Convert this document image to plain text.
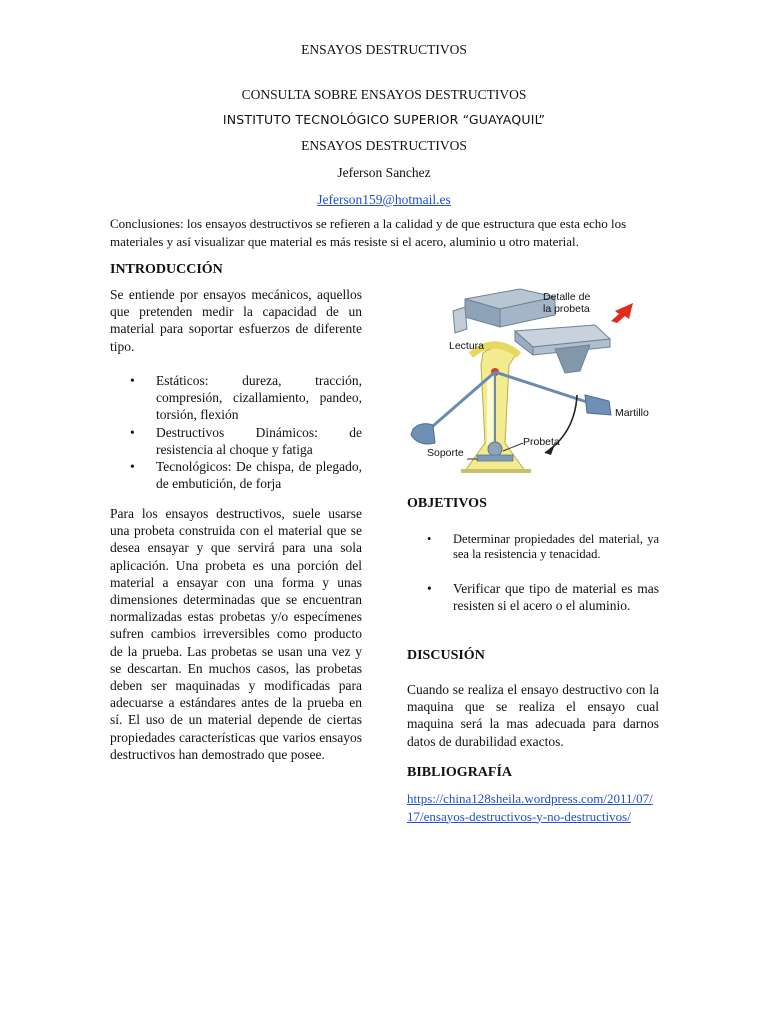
ENSAYOS DESTRUCTIVOS
CONSULTA SOBRE ENSAYOS DESTRUCTIVOS
INSTITUTO TECNOLÓGICO SUPERIOR “GUAYAQUIL”
ENSAYOS DESTRUCTIVOS
Jeferson Sanchez
Jeferson159@hotmail.es
Conclusiones: los ensayos destructivos se refieren a la calidad y de que estructura que esta echo los materiales y así visualizar que material es más resiste si el acero, aluminio u otro material.
INTRODUCCIÓN

Se entiende por ensayos mecánicos, aquellos que pretenden medir la capacidad de un material para soportar esfuerzos de diferente tipo.

• Estáticos: dureza, tracción, compresión, cizallamiento, pandeo, torsión, flexión
• Destructivos Dinámicos: de resistencia al choque y fatiga
• Tecnológicos: De chispa, de plegado, de embutición, de forja

Para los ensayos destructivos, suele usarse una probeta construida con el material que se desea ensayar y que servirá para una sola aplicación. Una probeta es una porción del material a ensayar con una forma y unas dimensiones determinadas que se encuentran normalizadas estas probetas y/o especímenes sufren cambios irreversibles como producto de la prueba. Las probetas se usan una vez y se descartan. En muchos casos, las probetas deben ser maquinadas y modificadas para adecuarse a estándares antes de la prueba en sí. El uso de un material depende de ciertas propiedades características que varios ensayos destructivos han demostrado que posee.

Detalle de
la probeta
Lectura
Martillo
Probeta
Soporte
OBJETIVOS
• Determinar propiedades del material, ya sea la resistencia y tenacidad.
• Verificar que tipo de material es mas resisten si el acero o el aluminio.
DISCUSIÓN

Cuando se realiza el ensayo destructivo con la maquina que se realiza el ensayo cual maquina será la mas adecuada para darnos datos de durabilidad exactos.

BIBLIOGRAFÍA
https://china128sheila.wordpress.com/2011/07/17/ensayos-destructivos-y-no-destructivos/
